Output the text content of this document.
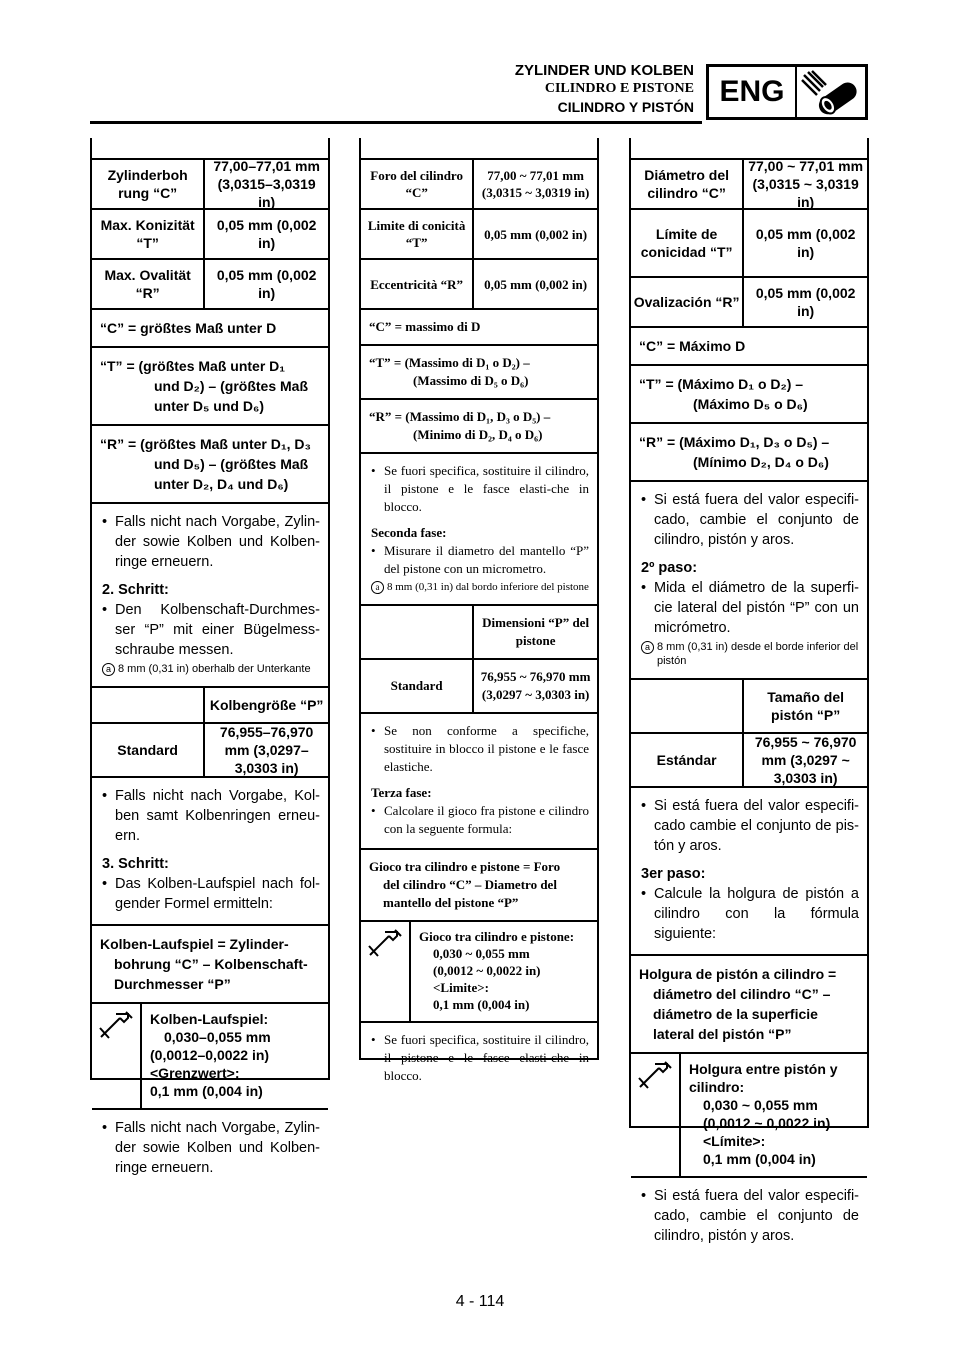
ZYLINDER UND KOLBEN
CILINDRO E PISTONE
CILINDRO Y PISTÓN ENG
Zylinderboh rung “C”
77,00–77,01 mm (3,0315–3,0319 in)
Max. Konizität “T”
0,05 mm (0,002 in)
Max. Ovalität “R”
0,05 mm (0,002 in)
“C” = größtes Maß unter D
“T” = (größtes Maß unter D₁
und D₂) – (größtes Maß
unter D₅ und D₆)
“R” = (größtes Maß unter D₁, D₃
und D₅) – (größtes Maß
unter D₂, D₄ und D₆)
• Falls nicht nach Vorgabe, Zylin-der sowie Kolben und Kolben-ringe erneuern.
2. Schritt:
• Den Kolbenschaft-Durchmes-ser “P” mit einer Bügelmess-schraube messen.
a 8 mm (0,31 in) oberhalb der Unterkante

Standard
Kolbengröße “P”
76,955–76,970 mm (3,0297–3,0303 in)
• Falls nicht nach Vorgabe, Kol-ben samt Kolbenringen erneu-ern.
3. Schritt:
• Das Kolben-Laufspiel nach fol-gender Formel ermitteln:
Kolben-Laufspiel = Zylinder-
bohrung “C” – Kolbenschaft-
Durchmesser “P”
Kolben-Laufspiel:
0,030–0,055 mm
(0,0012–0,0022 in)
<Grenzwert>:
0,1 mm (0,004 in)
• Falls nicht nach Vorgabe, Zylin-der sowie Kolben und Kolben-ringe erneuern.
Foro del cilindro “C”
77,00 ~ 77,01 mm (3,0315 ~ 3,0319 in)
Limite di conicità “T”
0,05 mm (0,002 in)
Eccentricità “R”	0,05 mm (0,002 in)
“C” = massimo di D
“T” = (Massimo di D₁ o D₂) –
(Massimo di D₅ o D₆)
“R” = (Massimo di D₁, D₃ o D₅) –
(Minimo di D₂, D₄ o D₆)
• Se fuori specifica, sostituire il cilindro, il pistone e le fasce elasti-che in blocco.
Seconda fase:
• Misurare il diametro del mantello “P” del pistone con un micrometro.
a 8 mm (0,31 in) dal bordo inferiore del pistone

Standard
Dimensioni “P” del pistone
76,955 ~ 76,970 mm (3,0297 ~ 3,0303 in)
• Se non conforme a specifiche, sostituire in blocco il pistone e le fasce elastiche.
Terza fase:
• Calcolare il gioco fra pistone e cilindro con la seguente formula:
Gioco tra cilindro e pistone = Foro
del cilindro “C” – Diametro del
mantello del pistone “P”
Gioco tra cilindro e pistone:
0,030 ~ 0,055 mm
(0,0012 ~ 0,0022 in)
<Limite>:
0,1 mm (0,004 in)
• Se fuori specifica, sostituire il cilindro, il pistone e le fasce elasti-che in blocco.
Diámetro del cilindro “C”
77,00 ~ 77,01 mm (3,0315 ~ 3,0319 in)
Límite de conicidad “T”
0,05 mm (0,002 in)
Ovalización “R”
0,05 mm (0,002 in)
“C” = Máximo D
“T” = (Máximo D₁ o D₂) –
(Máximo D₅ o D₆)
“R” = (Máximo D₁, D₃ o D₅) –
(Mínimo D₂, D₄ o D₆)
• Si está fuera del valor especifi-cado, cambie el conjunto de cilindro, pistón y aros.
2º paso:
• Mida el diámetro de la superfi-cie lateral del pistón “P” con un micrómetro.
a 8 mm (0,31 in) desde el borde inferior del pistón

Estándar
Tamaño del pistón “P”
76,955 ~ 76,970 mm (3,0297 ~ 3,0303 in)
• Si está fuera del valor especifi-cado cambie el conjunto de pis-tón y aros.
3er paso:
• Calcule la holgura de pistón a cilindro con la fórmula siguiente:
Holgura de pistón a cilindro =
diámetro del cilindro “C” –
diámetro de la superficie
lateral del pistón “P”
Holgura entre pistón y cilindro:
0,030 ~ 0,055 mm
(0,0012 ~ 0,0022 in)
<Límite>:
0,1 mm (0,004 in)
• Si está fuera del valor especifi-cado, cambie el conjunto de cilindro, pistón y aros.
4 - 114
